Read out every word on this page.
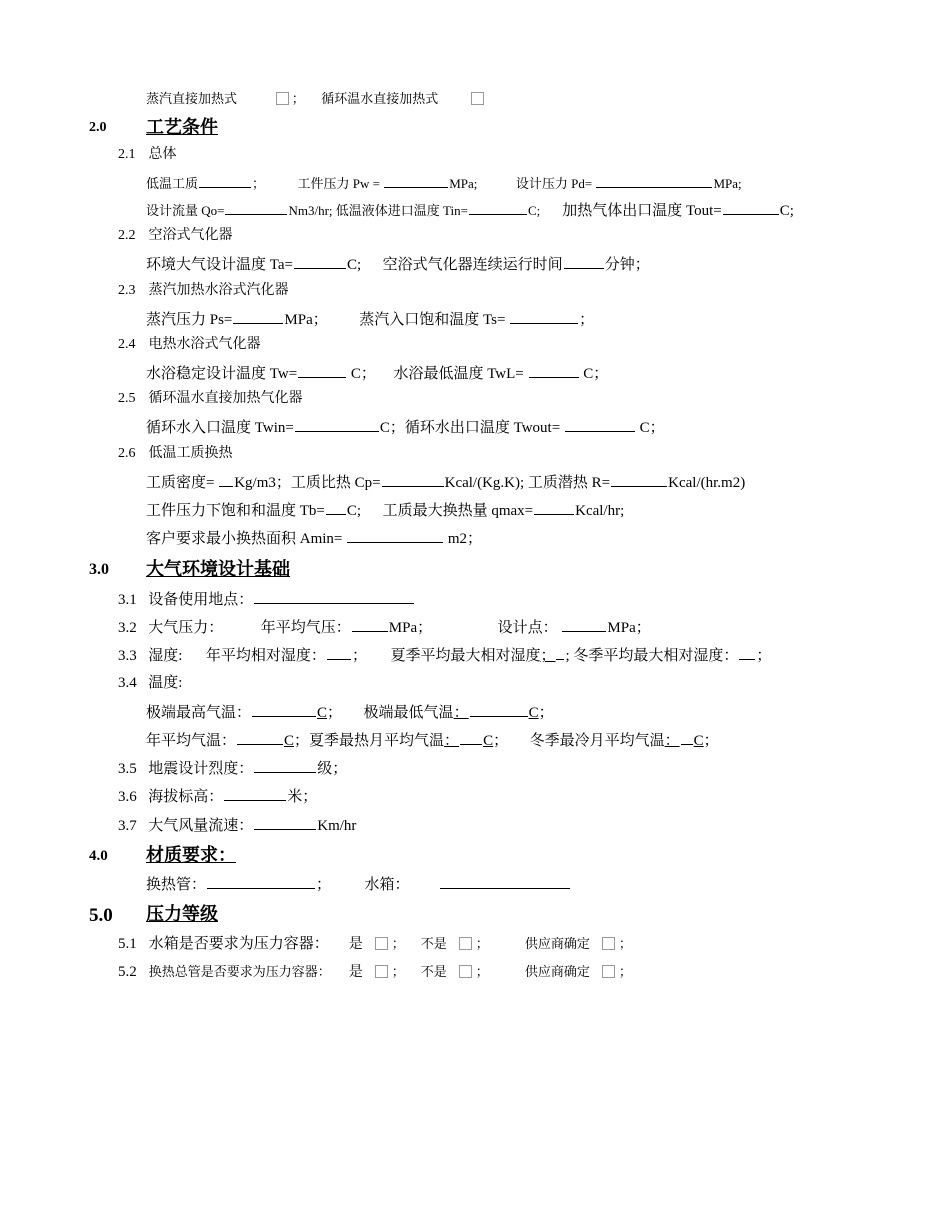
蒸汽直接加热式	； 循环温水直接加热式
2.0 工艺条件
2.1 总体
低温工质	；	工件压力 Pw =	MPa;	设计压力 Pd=	MPa;
设计流量 Qo=	Nm3/hr; 低温液体进口温度 Tin=	C; 加热气体出口温度 Tout=	C;
2.2 空浴式气化器
环境大气设计温度 Ta=	C; 空浴式气化器连续运行时间	分钟；
2.3 蒸汽加热水浴式汽化器
蒸汽压力 Ps=	MPa； 蒸汽入口饱和温度 Ts=	；
2.4 电热水浴式气化器
水浴稳定设计温度 Tw=	C； 水浴最低温度 TwL=	C；
2.5 循环温水直接加热气化器
循环水入口温度 Twin=	C；循环水出口温度 Twout=	C；
2.6 低温工质换热
工质密度= Kg/m3；工质比热 Cp=	Kcal/(Kg.K); 工质潜热 R=	Kcal/(hr.m2)
工件压力下饱和和温度 Tb= C; 工质最大换热量 qmax=	Kcal/hr;
客户要求最小换热面积 Amin=	m2；
3.0 大气环境设计基础
3.1 设备使用地点：
3.2 大气压力：	年平均气压：	MPa；	设计点：	MPa；
3.3 湿度: 年平均相对湿度： ； 夏季平均最大相对湿度； ; 冬季平均最大相对湿度： ；
3.4 温度:
极端最高气温：	C； 极端最低气温：	C；
年平均气温：	C；夏季最热月平均气温： C； 冬季最冷月平均气温： C；
3.5 地震设计烈度：	级；
3.6 海拔标高：	米；
3.7 大气风量流速：	Km/hr
4.0 材质要求：
换热管：	； 水箱：
5.0 压力等级
5.1 水箱是否要求为压力容器： 是 ； 不是 ；	供应商确定 ；
5.2 换热总管是否要求为压力容器： 是 ； 不是 ；	供应商确定 ；
